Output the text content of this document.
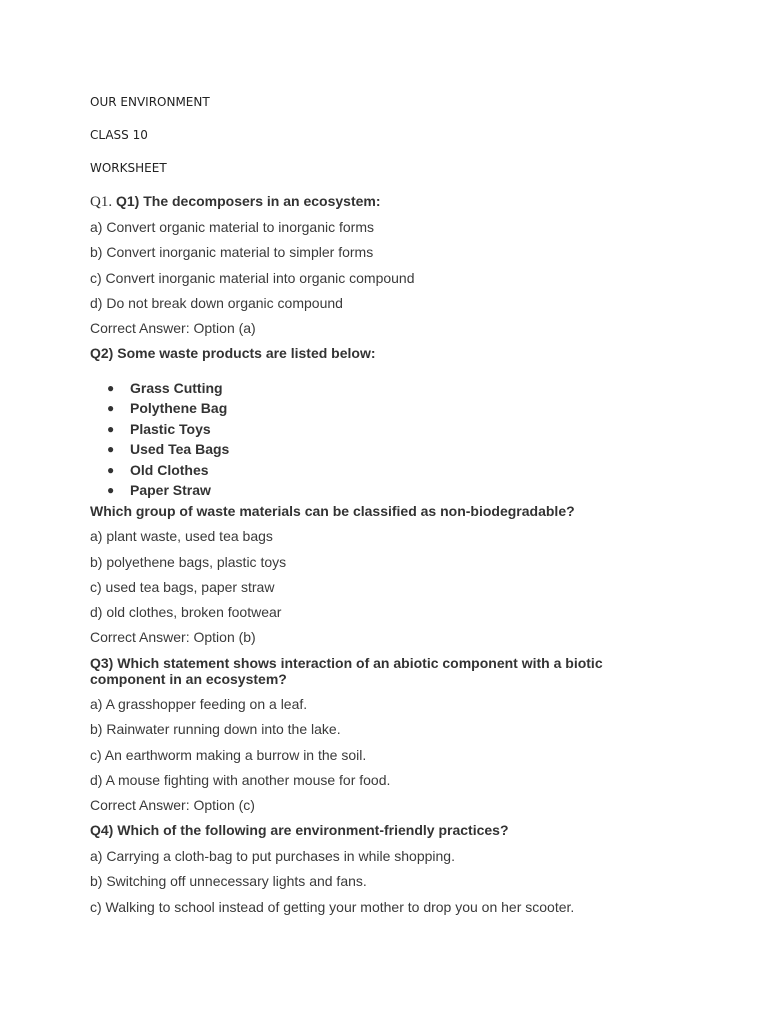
OUR ENVIRONMENT
CLASS 10
WORKSHEET
Q1. Q1) The decomposers in an ecosystem:
a) Convert organic material to inorganic forms
b) Convert inorganic material to simpler forms
c) Convert inorganic material into organic compound
d) Do not break down organic compound
Correct Answer: Option (a)
Q2) Some waste products are listed below:
● Grass Cutting
● Polythene Bag
● Plastic Toys
● Used Tea Bags
● Old Clothes
● Paper Straw
Which group of waste materials can be classified as non-biodegradable?
a) plant waste, used tea bags
b) polyethene bags, plastic toys
c) used tea bags, paper straw
d) old clothes, broken footwear
Correct Answer: Option (b)
Q3) Which statement shows interaction of an abiotic component with a biotic component in an ecosystem?
a) A grasshopper feeding on a leaf.
b) Rainwater running down into the lake.
c) An earthworm making a burrow in the soil.
d) A mouse fighting with another mouse for food.
Correct Answer: Option (c)
Q4) Which of the following are environment-friendly practices?
a) Carrying a cloth-bag to put purchases in while shopping.
b) Switching off unnecessary lights and fans.
c) Walking to school instead of getting your mother to drop you on her scooter.
